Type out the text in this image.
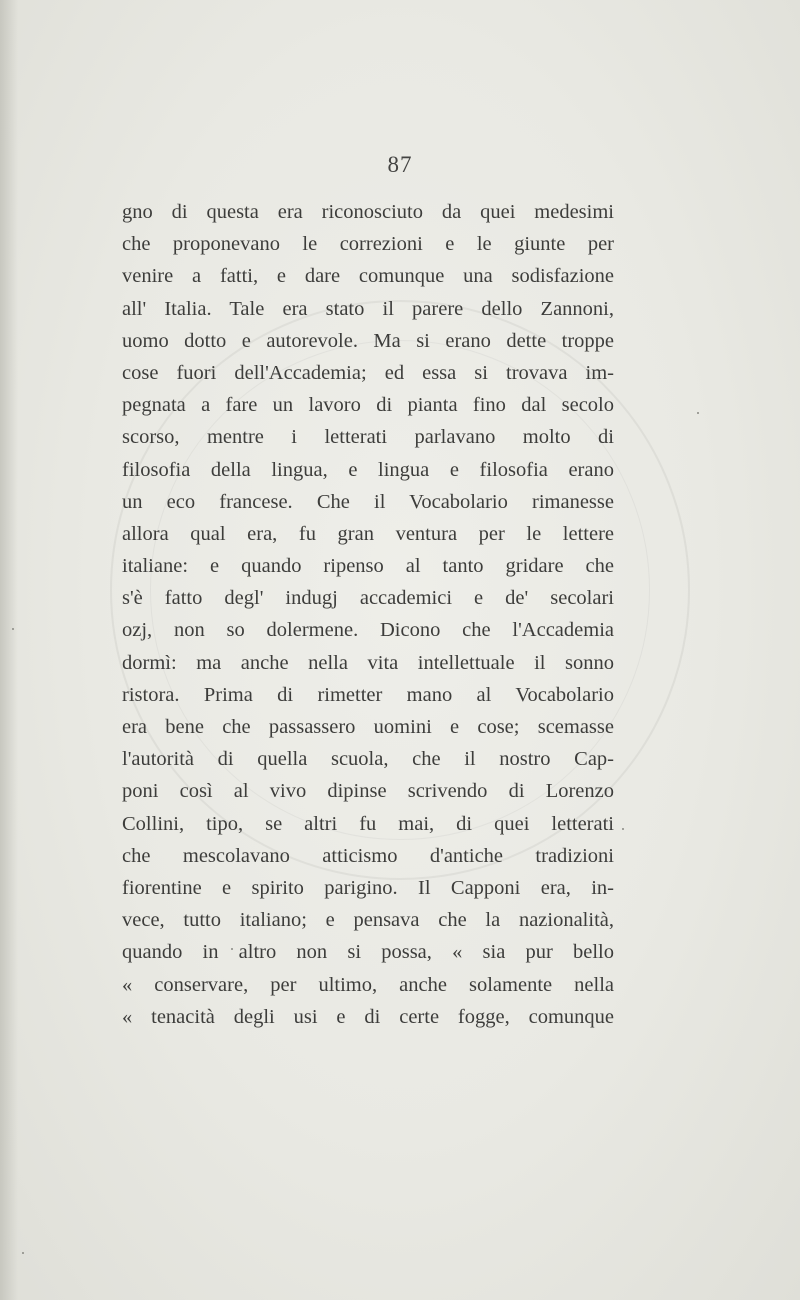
87
gno di questa era riconosciuto da quei medesimi
che proponevano le correzioni e le giunte per
venire a fatti, e dare comunque una sodisfazione
all' Italia. Tale era stato il parere dello Zannoni,
uomo dotto e autorevole. Ma si erano dette troppe
cose fuori dell'Accademia; ed essa si trovava im-
pegnata a fare un lavoro di pianta fino dal secolo
scorso, mentre i letterati parlavano molto di
filosofia della lingua, e lingua e filosofia erano
un eco francese. Che il Vocabolario rimanesse
allora qual era, fu gran ventura per le lettere
italiane: e quando ripenso al tanto gridare che
s'è fatto degl' indugj accademici e de' secolari
ozj, non so dolermene. Dicono che l'Accademia
dormì: ma anche nella vita intellettuale il sonno
ristora. Prima di rimetter mano al Vocabolario
era bene che passassero uomini e cose; scemasse
l'autorità di quella scuola, che il nostro Cap-
poni così al vivo dipinse scrivendo di Lorenzo
Collini, tipo, se altri fu mai, di quei letterati
che mescolavano atticismo d'antiche tradizioni
fiorentine e spirito parigino. Il Capponi era, in-
vece, tutto italiano; e pensava che la nazionalità,
quando in altro non si possa, « sia pur bello
« conservare, per ultimo, anche solamente nella
« tenacità degli usi e di certe fogge, comunque
